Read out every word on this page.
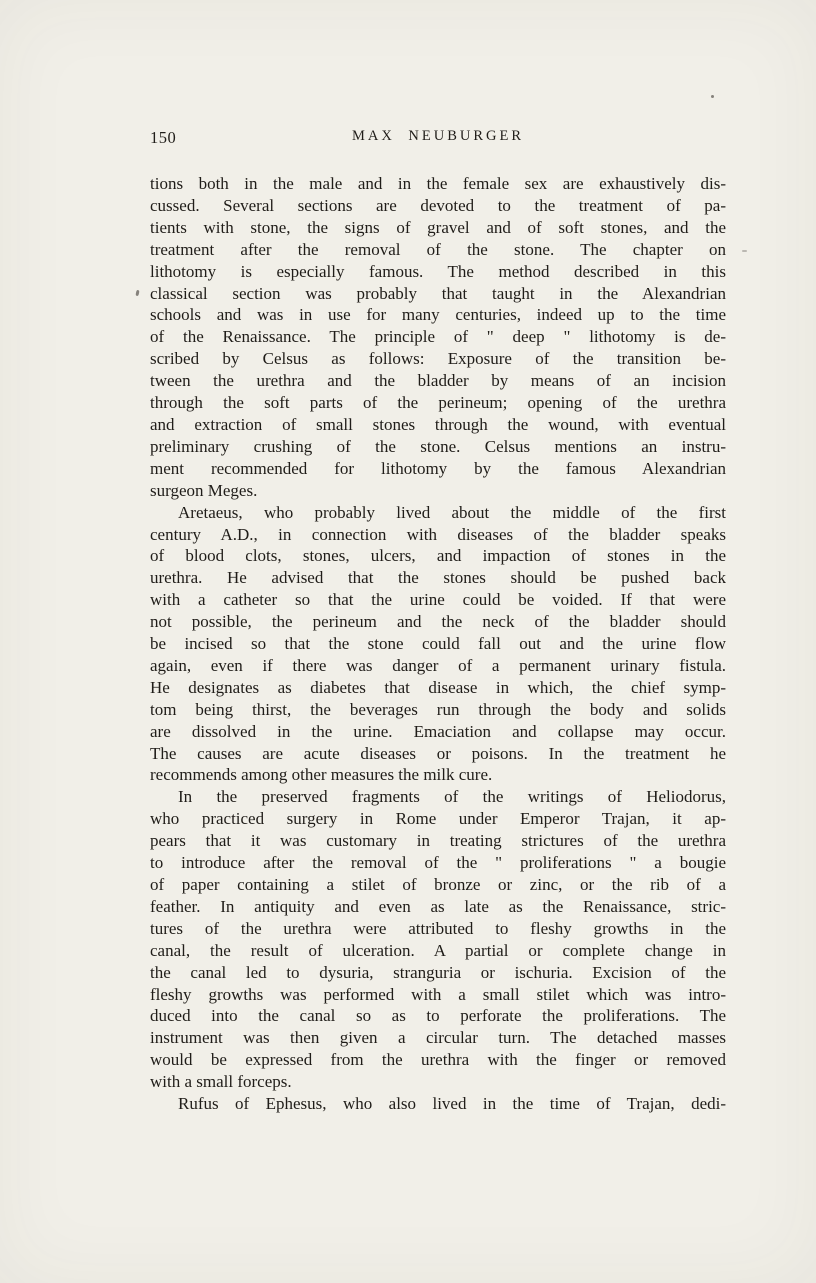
150	MAX NEUBURGER

tions both in the male and in the female sex are exhaustively dis-
cussed. Several sections are devoted to the treatment of pa-
tients with stone, the signs of gravel and of soft stones, and the
treatment after the removal of the stone. The chapter on
lithotomy is especially famous. The method described in this
classical section was probably that taught in the Alexandrian
schools and was in use for many centuries, indeed up to the time
of the Renaissance. The principle of " deep " lithotomy is de-
scribed by Celsus as follows: Exposure of the transition be-
tween the urethra and the bladder by means of an incision
through the soft parts of the perineum; opening of the urethra
and extraction of small stones through the wound, with eventual
preliminary crushing of the stone. Celsus mentions an instru-
ment recommended for lithotomy by the famous Alexandrian
surgeon Meges.

Aretaeus, who probably lived about the middle of the first
century A.D., in connection with diseases of the bladder speaks
of blood clots, stones, ulcers, and impaction of stones in the
urethra. He advised that the stones should be pushed back
with a catheter so that the urine could be voided. If that were
not possible, the perineum and the neck of the bladder should
be incised so that the stone could fall out and the urine flow
again, even if there was danger of a permanent urinary fistula.
He designates as diabetes that disease in which, the chief symp-
tom being thirst, the beverages run through the body and solids
are dissolved in the urine. Emaciation and collapse may occur.
The causes are acute diseases or poisons. In the treatment he
recommends among other measures the milk cure.

In the preserved fragments of the writings of Heliodorus,
who practiced surgery in Rome under Emperor Trajan, it ap-
pears that it was customary in treating strictures of the urethra
to introduce after the removal of the " proliferations " a bougie
of paper containing a stilet of bronze or zinc, or the rib of a
feather. In antiquity and even as late as the Renaissance, stric-
tures of the urethra were attributed to fleshy growths in the
canal, the result of ulceration. A partial or complete change in
the canal led to dysuria, stranguria or ischuria. Excision of the
fleshy growths was performed with a small stilet which was intro-
duced into the canal so as to perforate the proliferations. The
instrument was then given a circular turn. The detached masses
would be expressed from the urethra with the finger or removed
with a small forceps.

Rufus of Ephesus, who also lived in the time of Trajan, dedi-
